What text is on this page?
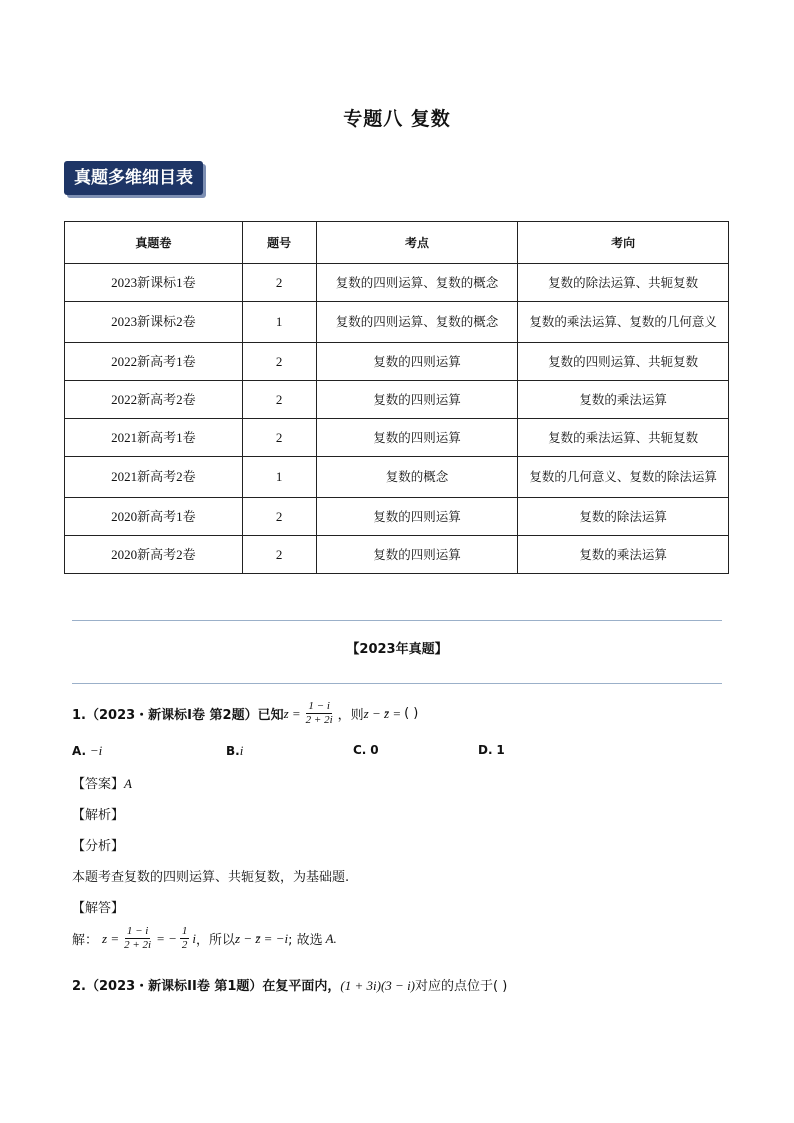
专题八 复数
真题多维细目表
真题卷	题号	考点	考向
2023新课标1卷	2	复数的四则运算、复数的概念	复数的除法运算、共轭复数
2023新课标2卷	1	复数的四则运算、复数的概念	复数的乘法运算、复数的几何意义
2022新高考1卷	2	复数的四则运算	复数的四则运算、共轭复数
2022新高考2卷	2	复数的四则运算	复数的乘法运算
2021新高考1卷	2	复数的四则运算	复数的乘法运算、共轭复数
2021新高考2卷	1	复数的概念	复数的几何意义、复数的除法运算
2020新高考1卷	2	复数的四则运算	复数的除法运算
2020新高考2卷	2	复数的四则运算	复数的乘法运算
【2023年真题】
1.（2023・新课标I卷 第2题）已知 $z = \frac{1 - i}{2 + 2i}$ ，则 z − z̄ = ( )
A. −i	B.i	C. 0	D. 1
【答案】A
【解析】
【分析】
本题考查复数的四则运算、共轭复数，为基础题.
【解答】
解： $z = \frac{1 - i}{2 + 2i}$ = − $\frac{1}{2}$ i ，所以 z − z̄ = −i ; 故选 A.
2.（2023・新课标II卷 第1题）在复平面内，(1 + 3i)(3 − i)对应的点位于( )
